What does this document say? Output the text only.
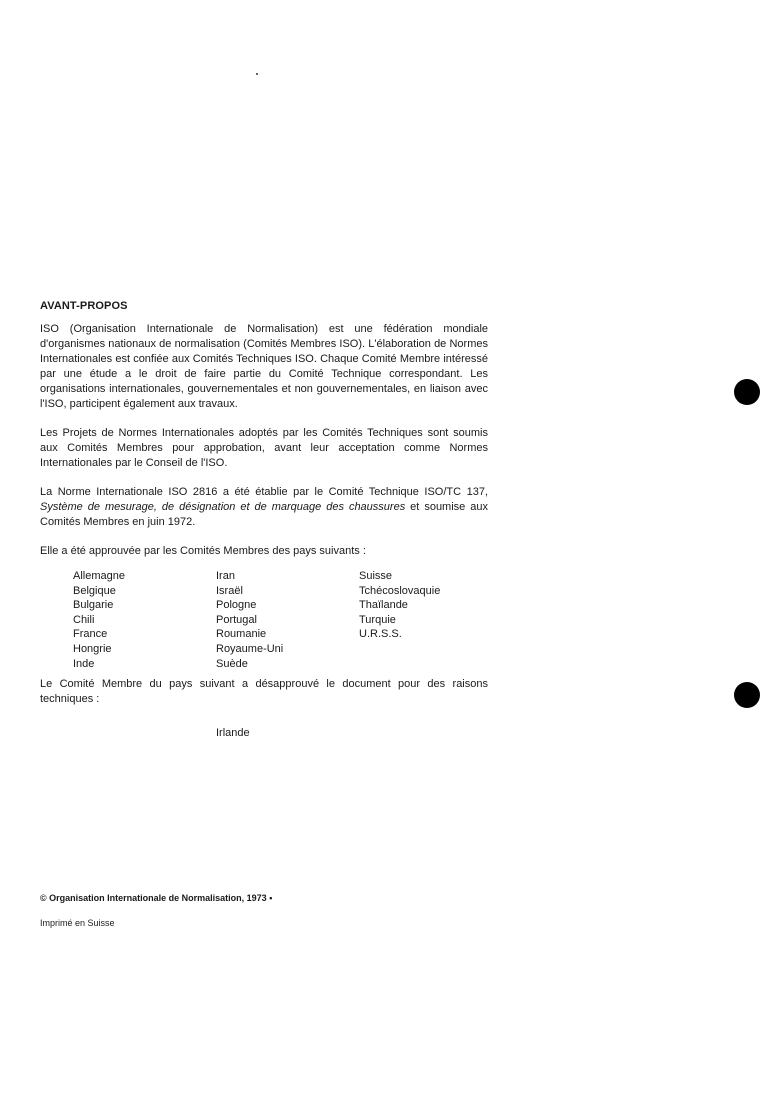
AVANT-PROPOS

ISO (Organisation Internationale de Normalisation) est une fédération mondiale d'organismes nationaux de normalisation (Comités Membres ISO). L'élaboration de Normes Internationales est confiée aux Comités Techniques ISO. Chaque Comité Membre intéressé par une étude a le droit de faire partie du Comité Technique correspondant. Les organisations internationales, gouvernementales et non gouvernementales, en liaison avec l'ISO, participent également aux travaux.

Les Projets de Normes Internationales adoptés par les Comités Techniques sont soumis aux Comités Membres pour approbation, avant leur acceptation comme Normes Internationales par le Conseil de l'ISO.

La Norme Internationale ISO 2816 a été établie par le Comité Technique ISO/TC 137, Système de mesurage, de désignation et de marquage des chaussures et soumise aux Comités Membres en juin 1972.

Elle a été approuvée par les Comités Membres des pays suivants :

Allemagne
Belgique
Bulgarie
Chili
France
Hongrie
Inde
Iran
Israël
Pologne
Portugal
Roumanie
Royaume-Uni
Suède
Suisse
Tchécoslovaquie
Thaïlande
Turquie
U.R.S.S.

Le Comité Membre du pays suivant a désapprouvé le document pour des raisons techniques :

Irlande

© Organisation Internationale de Normalisation, 1973 •

Imprimé en Suisse
